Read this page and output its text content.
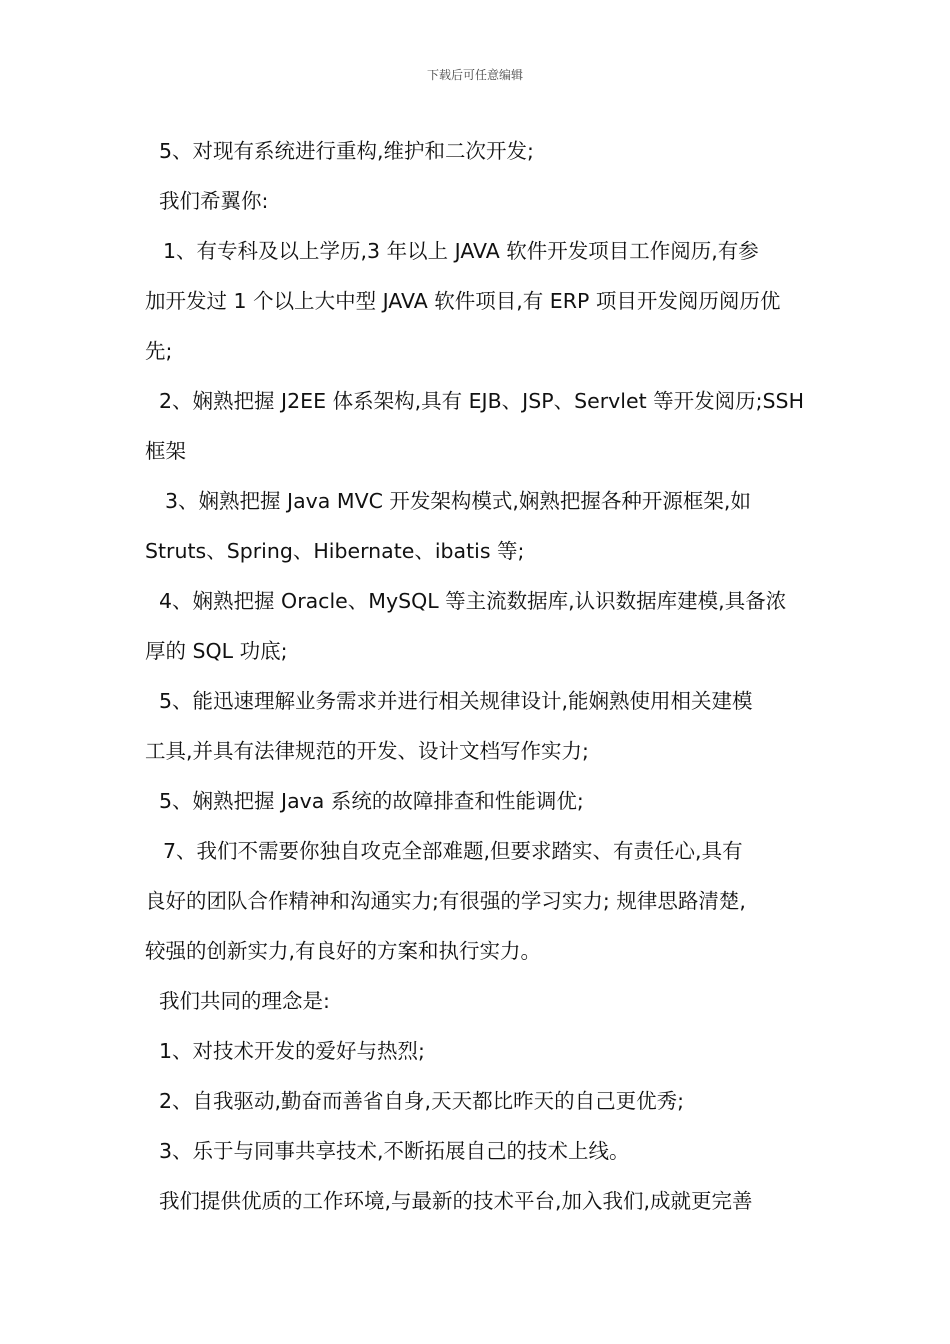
下载后可任意编辑
5、对现有系统进行重构,维护和二次开发;
我们希翼你:
1、有专科及以上学历,3 年以上 JAVA 软件开发项目工作阅历,有参
加开发过 1 个以上大中型 JAVA 软件项目,有 ERP 项目开发阅历阅历优
先;
2、娴熟把握 J2EE 体系架构,具有 EJB、JSP、Servlet 等开发阅历;SSH
框架
3、娴熟把握 Java MVC 开发架构模式,娴熟把握各种开源框架,如
Struts、Spring、Hibernate、ibatis 等;
4、娴熟把握 Oracle、MySQL 等主流数据库,认识数据库建模,具备浓
厚的 SQL 功底;
5、能迅速理解业务需求并进行相关规律设计,能娴熟使用相关建模
工具,并具有法律规范的开发、设计文档写作实力;
5、娴熟把握 Java 系统的故障排查和性能调优;
7、我们不需要你独自攻克全部难题,但要求踏实、有责任心,具有
良好的团队合作精神和沟通实力;有很强的学习实力; 规律思路清楚,
较强的创新实力,有良好的方案和执行实力。
我们共同的理念是:
1、对技术开发的爱好与热烈;
2、自我驱动,勤奋而善省自身,天天都比昨天的自己更优秀;
3、乐于与同事共享技术,不断拓展自己的技术上线。
我们提供优质的工作环境,与最新的技术平台,加入我们,成就更完善
